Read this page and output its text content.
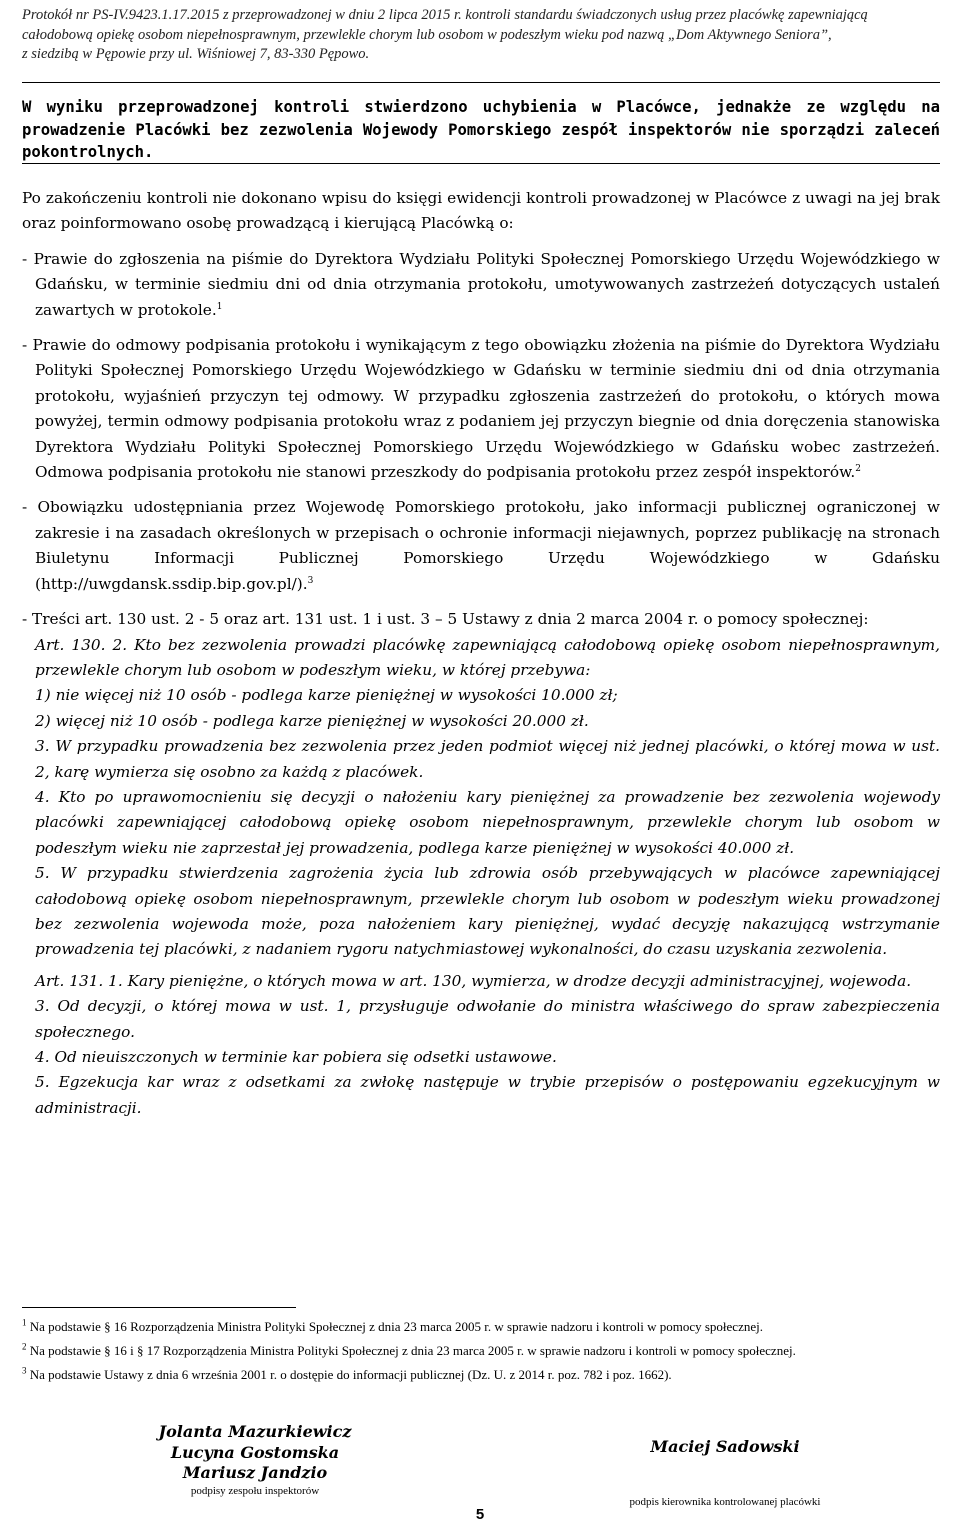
Protokół nr PS-IV.9423.1.17.2015 z przeprowadzonej w dniu 2 lipca 2015 r. kontroli standardu świadczonych usług przez placówkę zapewniającą
całodobową opiekę osobom niepełnosprawnym, przewlekle chorym lub osobom w podeszłym wieku pod nazwą „Dom Aktywnego Seniora”,
z siedzibą w Pępowie przy ul. Wiśniowej 7, 83-330 Pępowo.
W wyniku przeprowadzonej kontroli stwierdzono uchybienia w Placówce, jednakże ze względu na prowadzenie Placówki bez zezwolenia Wojewody Pomorskiego zespół inspektorów nie sporządzi zaleceń pokontrolnych.

Po zakończeniu kontroli nie dokonano wpisu do księgi ewidencji kontroli prowadzonej w Placówce z uwagi na jej brak oraz poinformowano osobę prowadzącą i kierującą Placówką o:

- Prawie do zgłoszenia na piśmie do Dyrektora Wydziału Polityki Społecznej Pomorskiego Urzędu Wojewódzkiego w Gdańsku, w terminie siedmiu dni od dnia otrzymania protokołu, umotywowanych zastrzeżeń dotyczących ustaleń zawartych w protokole.$^1$

- Prawie do odmowy podpisania protokołu i wynikającym z tego obowiązku złożenia na piśmie do Dyrektora Wydziału Polityki Społecznej Pomorskiego Urzędu Wojewódzkiego w Gdańsku w terminie siedmiu dni od dnia otrzymania protokołu, wyjaśnień przyczyn tej odmowy. W przypadku zgłoszenia zastrzeżeń do protokołu, o których mowa powyżej, termin odmowy podpisania protokołu wraz z podaniem jej przyczyn biegnie od dnia doręczenia stanowiska Dyrektora Wydziału Polityki Społecznej Pomorskiego Urzędu Wojewódzkiego w Gdańsku wobec zastrzeżeń. Odmowa podpisania protokołu nie stanowi przeszkody do podpisania protokołu przez zespół inspektorów.$^2$

- Obowiązku udostępniania przez Wojewodę Pomorskiego protokołu, jako informacji publicznej ograniczonej w zakresie i na zasadach określonych w przepisach o ochronie informacji niejawnych, poprzez publikację na stronach Biuletynu Informacji Publicznej Pomorskiego Urzędu Wojewódzkiego w Gdańsku (http://uwgdansk.ssdip.bip.gov.pl/).$^3$

- Treści art. 130 ust. 2 - 5 oraz art. 131 ust. 1 i ust. 3 – 5 Ustawy z dnia 2 marca 2004 r. o pomocy społecznej:

Art. 130. 2. Kto bez zezwolenia prowadzi placówkę zapewniającą całodobową opiekę osobom niepełnosprawnym, przewlekle chorym lub osobom w podeszłym wieku, w której przebywa:

1) nie więcej niż 10 osób - podlega karze pieniężnej w wysokości 10.000 zł;

2) więcej niż 10 osób - podlega karze pieniężnej w wysokości 20.000 zł.

3. W przypadku prowadzenia bez zezwolenia przez jeden podmiot więcej niż jednej placówki, o której mowa w ust. 2, karę wymierza się osobno za każdą z placówek.

4. Kto po uprawomocnieniu się decyzji o nałożeniu kary pieniężnej za prowadzenie bez zezwolenia wojewody placówki zapewniającej całodobową opiekę osobom niepełnosprawnym, przewlekle chorym lub osobom w podeszłym wieku nie zaprzestał jej prowadzenia, podlega karze pieniężnej w wysokości 40.000 zł.

5. W przypadku stwierdzenia zagrożenia życia lub zdrowia osób przebywających w placówce zapewniającej całodobową opiekę osobom niepełnosprawnym, przewlekle chorym lub osobom w podeszłym wieku prowadzonej bez zezwolenia wojewoda może, poza nałożeniem kary pieniężnej, wydać decyzję nakazującą wstrzymanie prowadzenia tej placówki, z nadaniem rygoru natychmiastowej wykonalności, do czasu uzyskania zezwolenia.

Art. 131. 1. Kary pieniężne, o których mowa w art. 130, wymierza, w drodze decyzji administracyjnej, wojewoda.

3. Od decyzji, o której mowa w ust. 1, przysługuje odwołanie do ministra właściwego do spraw zabezpieczenia społecznego.

4. Od nieuiszczonych w terminie kar pobiera się odsetki ustawowe.

5. Egzekucja kar wraz z odsetkami za zwłokę następuje w trybie przepisów o postępowaniu egzekucyjnym w administracji.

$^1$ Na podstawie § 16 Rozporządzenia Ministra Polityki Społecznej z dnia 23 marca 2005 r. w sprawie nadzoru i kontroli w pomocy społecznej.

$^2$ Na podstawie § 16 i § 17 Rozporządzenia Ministra Polityki Społecznej z dnia 23 marca 2005 r. w sprawie nadzoru i kontroli w pomocy społecznej.

$^3$ Na podstawie Ustawy z dnia 6 września 2001 r. o dostępie do informacji publicznej (Dz. U. z 2014 r. poz. 782 i poz. 1662).

Jolanta Mazurkiewicz
Lucyna Gostomska
Mariusz Jandzio
podpisy zespołu inspektorów
Maciej Sadowski
podpis kierownika kontrolowanej placówki
5
